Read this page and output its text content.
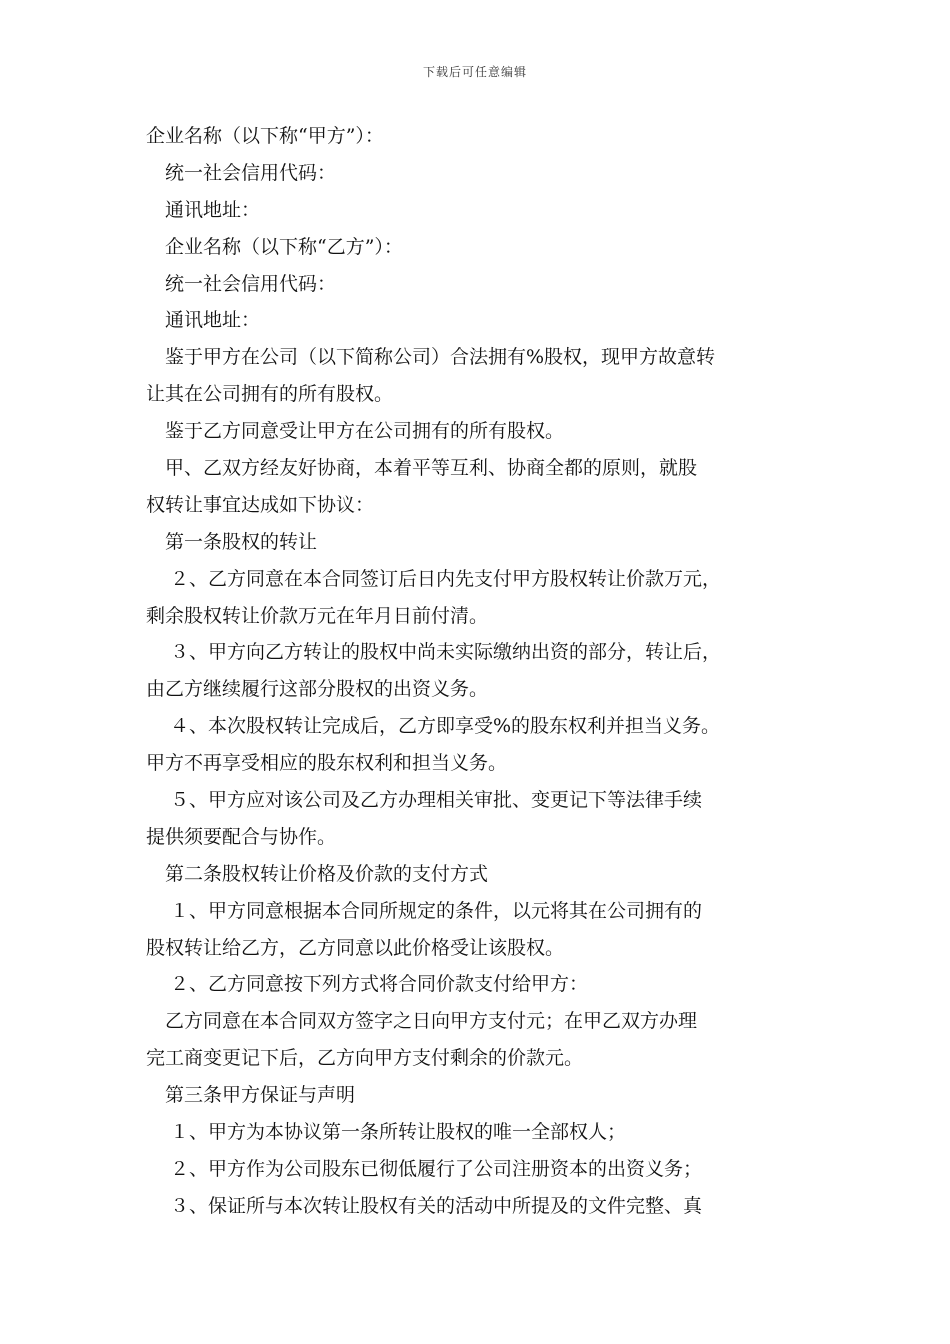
下载后可任意编辑
企业名称（以下称“甲方”）：
统一社会信用代码：
通讯地址：
企业名称（以下称“乙方”）：
统一社会信用代码：
通讯地址：
鉴于甲方在公司（以下简称公司）合法拥有%股权，现甲方故意转
让其在公司拥有的所有股权。
鉴于乙方同意受让甲方在公司拥有的所有股权。
甲、乙双方经友好协商，本着平等互利、协商全都的原则，就股
权转让事宜达成如下协议：
第一条股权的转让
２、乙方同意在本合同签订后日内先支付甲方股权转让价款万元，
剩余股权转让价款万元在年月日前付清。
３、甲方向乙方转让的股权中尚未实际缴纳出资的部分，转让后，
由乙方继续履行这部分股权的出资义务。
４、本次股权转让完成后，乙方即享受%的股东权利并担当义务。
甲方不再享受相应的股东权利和担当义务。
５、甲方应对该公司及乙方办理相关审批、变更记下等法律手续
提供须要配合与协作。
第二条股权转让价格及价款的支付方式
１、甲方同意根据本合同所规定的条件，以元将其在公司拥有的
股权转让给乙方，乙方同意以此价格受让该股权。
２、乙方同意按下列方式将合同价款支付给甲方：
乙方同意在本合同双方签字之日向甲方支付元；在甲乙双方办理
完工商变更记下后，乙方向甲方支付剩余的价款元。
第三条甲方保证与声明
１、甲方为本协议第一条所转让股权的唯一全部权人；
２、甲方作为公司股东已彻低履行了公司注册资本的出资义务；
３、保证所与本次转让股权有关的活动中所提及的文件完整、真
